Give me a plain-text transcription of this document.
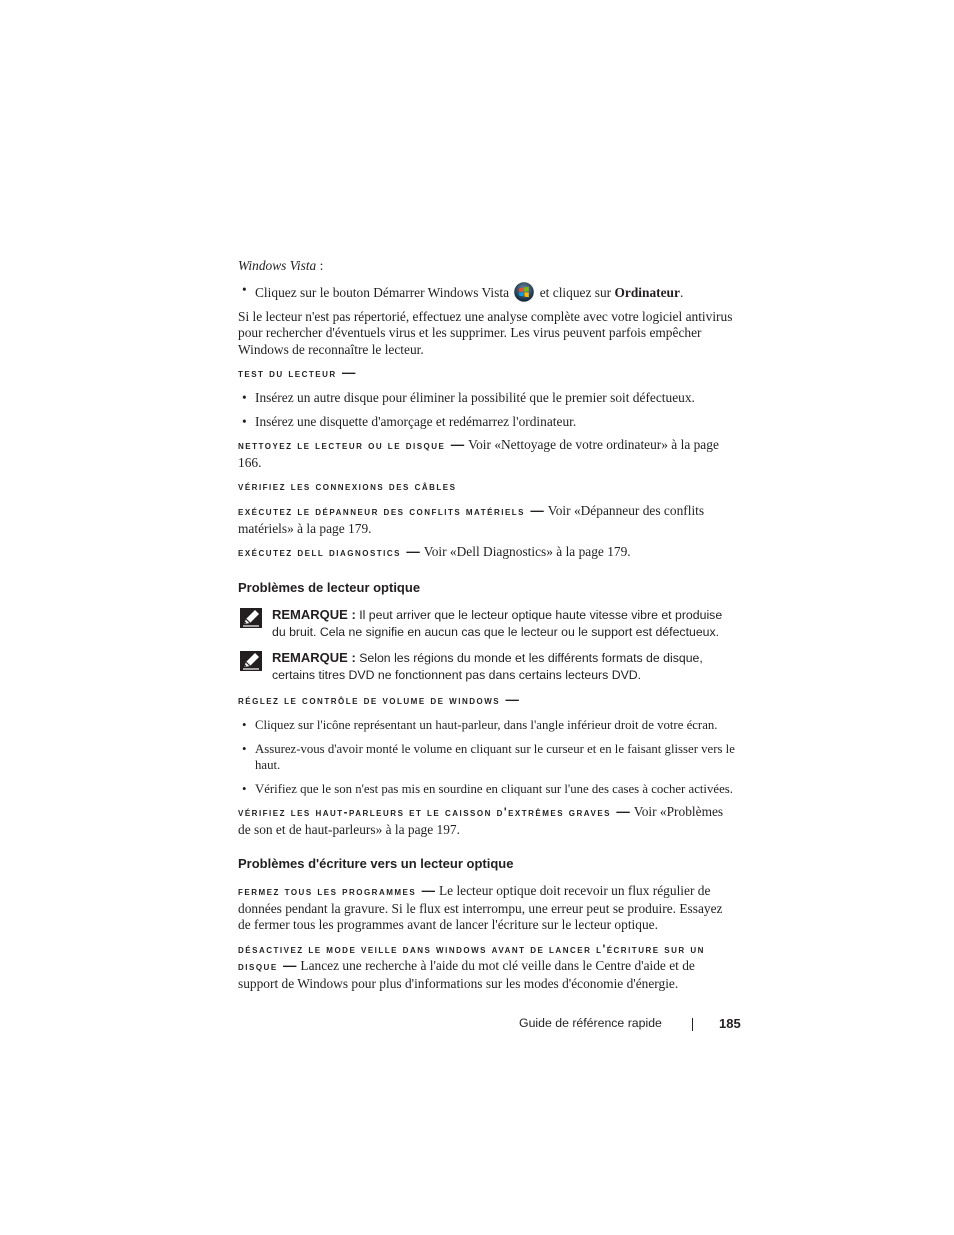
Windows Vista :

• Cliquez sur le bouton Démarrer Windows Vista  et cliquez sur Ordinateur.

Si le lecteur n'est pas répertorié, effectuez une analyse complète avec votre logiciel antivirus pour rechercher d'éventuels virus et les supprimer. Les virus peuvent parfois empêcher Windows de reconnaître le lecteur.

test du lecteur —

• Insérez un autre disque pour éliminer la possibilité que le premier soit défectueux.
• Insérez une disquette d'amorçage et redémarrez l'ordinateur.

nettoyez le lecteur ou le disque — Voir «Nettoyage de votre ordinateur» à la page 166.

vérifiez les connexions des câbles

exécutez le dépanneur des conflits matériels — Voir «Dépanneur des conflits matériels» à la page 179.

exécutez dell diagnostics — Voir «Dell Diagnostics» à la page 179.

Problèmes de lecteur optique
REMARQUE : Il peut arriver que le lecteur optique haute vitesse vibre et produise du bruit. Cela ne signifie en aucun cas que le lecteur ou le support est défectueux.
REMARQUE : Selon les régions du monde et les différents formats de disque, certains titres DVD ne fonctionnent pas dans certains lecteurs DVD.

réglez le contrôle de volume de windows —

• Cliquez sur l'icône représentant un haut-parleur, dans l'angle inférieur droit de votre écran.
• Assurez-vous d'avoir monté le volume en cliquant sur le curseur et en le faisant glisser vers le haut.
• Vérifiez que le son n'est pas mis en sourdine en cliquant sur l'une des cases à cocher activées.

vérifiez les haut-parleurs et le caisson d'extrêmes graves — Voir «Problèmes de son et de haut-parleurs» à la page 197.

Problèmes d'écriture vers un lecteur optique

fermez tous les programmes — Le lecteur optique doit recevoir un flux régulier de données pendant la gravure. Si le flux est interrompu, une erreur peut se produire. Essayez de fermer tous les programmes avant de lancer l'écriture sur le lecteur optique.

désactivez le mode veille dans windows avant de lancer l'écriture sur un disque — Lancez une recherche à l'aide du mot clé veille dans le Centre d'aide et de support de Windows pour plus d'informations sur les modes d'économie d'énergie.

Guide de référence rapide	185
